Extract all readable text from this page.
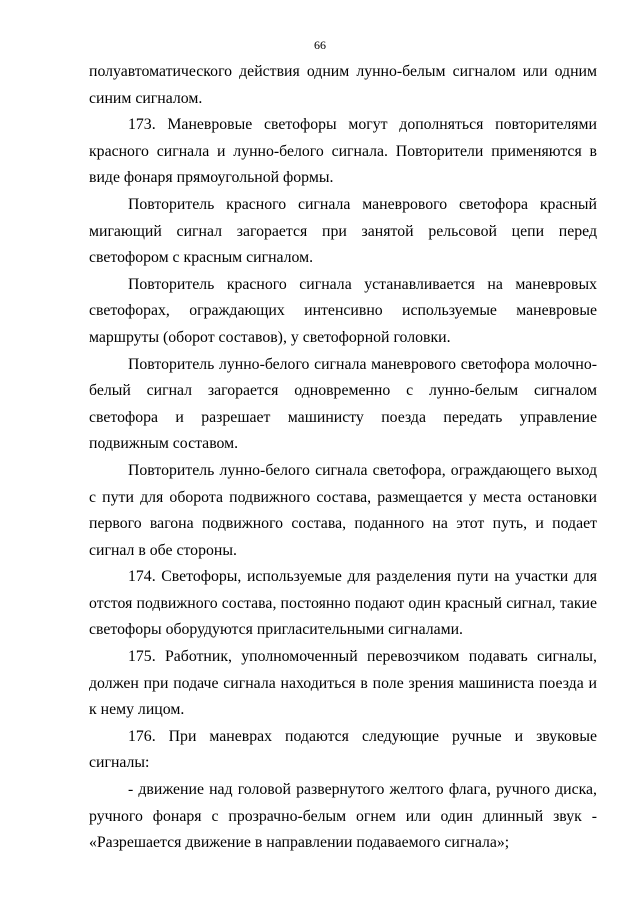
66

полуавтоматического действия одним лунно-белым сигналом или одним синим сигналом.

173. Маневровые светофоры могут дополняться повторителями красного сигнала и лунно-белого сигнала. Повторители применяются в виде фонаря прямоугольной формы.

Повторитель красного сигнала маневрового светофора красный мигающий сигнал загорается при занятой рельсовой цепи перед светофором с красным сигналом.

Повторитель красного сигнала устанавливается на маневровых светофорах, ограждающих интенсивно используемые маневровые маршруты (оборот составов), у светофорной головки.

Повторитель лунно-белого сигнала маневрового светофора молочно-белый сигнал загорается одновременно с лунно-белым сигналом светофора и разрешает машинисту поезда передать управление подвижным составом.

Повторитель лунно-белого сигнала светофора, ограждающего выход с пути для оборота подвижного состава, размещается у места остановки первого вагона подвижного состава, поданного на этот путь, и подает сигнал в обе стороны.

174. Светофоры, используемые для разделения пути на участки для отстоя подвижного состава, постоянно подают один красный сигнал, такие светофоры оборудуются пригласительными сигналами.

175. Работник, уполномоченный перевозчиком подавать сигналы, должен при подаче сигнала находиться в поле зрения машиниста поезда и к нему лицом.

176. При маневрах подаются следующие ручные и звуковые сигналы:

- движение над головой развернутого желтого флага, ручного диска, ручного фонаря с прозрачно-белым огнем или один длинный звук - «Разрешается движение в направлении подаваемого сигнала»;
